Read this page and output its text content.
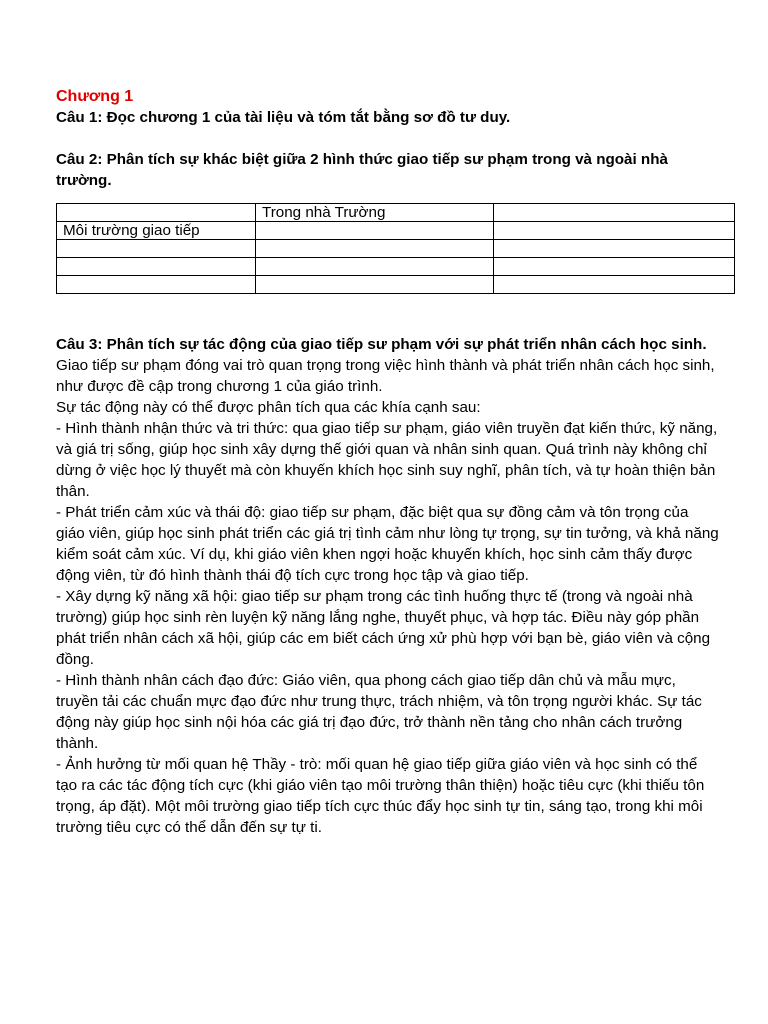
Chương 1
Câu 1: Đọc chương 1 của tài liệu và tóm tắt bằng sơ đồ tư duy.
Câu 2: Phân tích sự khác biệt giữa 2 hình thức giao tiếp sư phạm trong và ngoài nhà trường.
	Trong nhà Trường	
Môi trường giao tiếp		

Câu 3: Phân tích sự tác động của giao tiếp sư phạm với sự phát triển nhân cách học sinh.

Giao tiếp sư phạm đóng vai trò quan trọng trong việc hình thành và phát triển nhân cách học sinh, như được đề cập trong chương 1 của giáo trình.

Sự tác động này có thể được phân tích qua các khía cạnh sau:

- Hình thành nhận thức và tri thức: qua giao tiếp sư phạm, giáo viên truyền đạt kiến thức, kỹ năng, và giá trị sống, giúp học sinh xây dựng thế giới quan và nhân sinh quan. Quá trình này không chỉ dừng ở việc học lý thuyết mà còn khuyến khích học sinh suy nghĩ, phân tích, và tự hoàn thiện bản thân.

- Phát triển cảm xúc và thái độ: giao tiếp sư phạm, đặc biệt qua sự đồng cảm và tôn trọng của giáo viên, giúp học sinh phát triển các giá trị tình cảm như lòng tự trọng, sự tin tưởng, và khả năng kiểm soát cảm xúc. Ví dụ, khi giáo viên khen ngợi hoặc khuyến khích, học sinh cảm thấy được động viên, từ đó hình thành thái độ tích cực trong học tập và giao tiếp.

- Xây dựng kỹ năng xã hội: giao tiếp sư phạm trong các tình huống thực tế (trong và ngoài nhà trường) giúp học sinh rèn luyện kỹ năng lắng nghe, thuyết phục, và hợp tác. Điều này góp phần phát triển nhân cách xã hội, giúp các em biết cách ứng xử phù hợp với bạn bè, giáo viên và cộng đồng.

- Hình thành nhân cách đạo đức: Giáo viên, qua phong cách giao tiếp dân chủ và mẫu mực, truyền tải các chuẩn mực đạo đức như trung thực, trách nhiệm, và tôn trọng người khác. Sự tác động này giúp học sinh nội hóa các giá trị đạo đức, trở thành nền tảng cho nhân cách trưởng thành.

- Ảnh hưởng từ mối quan hệ Thầy - trò: mối quan hệ giao tiếp giữa giáo viên và học sinh có thể tạo ra các tác động tích cực (khi giáo viên tạo môi trường thân thiện) hoặc tiêu cực (khi thiếu tôn trọng, áp đặt). Một môi trường giao tiếp tích cực thúc đẩy học sinh tự tin, sáng tạo, trong khi môi trường tiêu cực có thể dẫn đến sự tự ti.
